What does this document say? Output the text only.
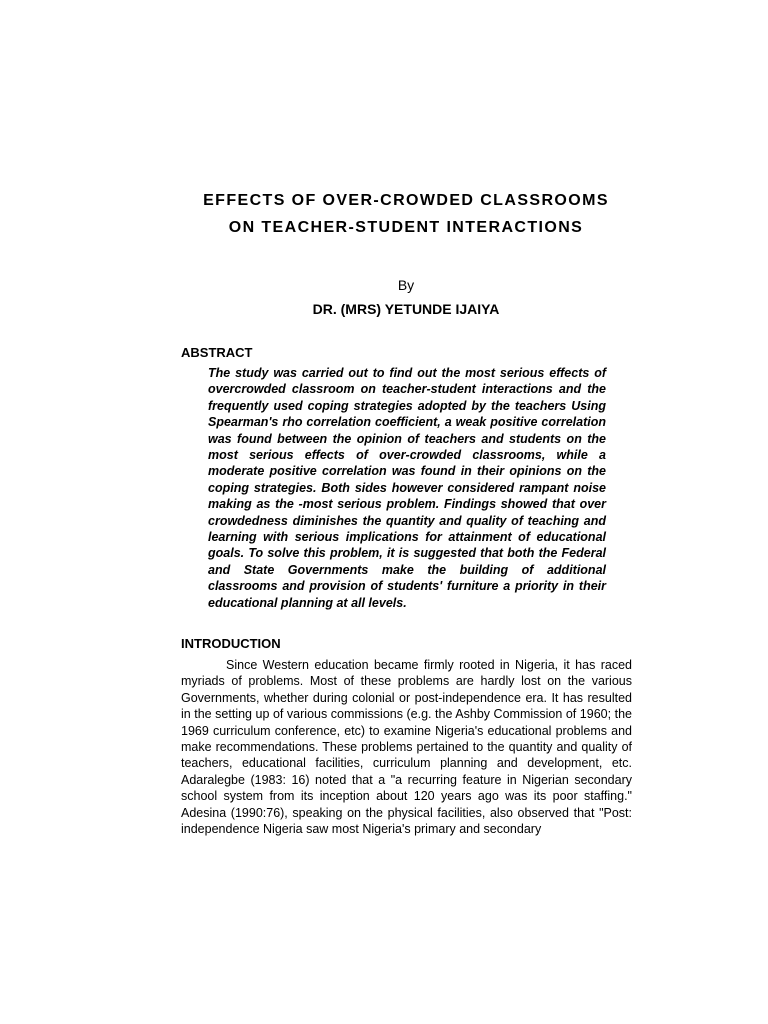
EFFECTS OF OVER-CROWDED CLASSROOMS
ON TEACHER-STUDENT INTERACTIONS
By
DR. (MRS) YETUNDE IJAIYA
ABSTRACT

The study was carried out to find out the most serious effects of overcrowded classroom on teacher-student interactions and the frequently used coping strategies adopted by the teachers Using Spearman's rho correlation coefficient, a weak positive correlation was found between the opinion of teachers and students on the most serious effects of over-crowded classrooms, while a moderate positive correlation was found in their opinions on the coping strategies. Both sides however considered rampant noise making as the -most serious problem. Findings showed that over crowdedness diminishes the quantity and quality of teaching and learning with serious implications for attainment of educational goals. To solve this problem, it is suggested that both the Federal and State Governments make the building of additional classrooms and provision of students' furniture a priority in their educational planning at all levels.

INTRODUCTION

Since Western education became firmly rooted in Nigeria, it has raced myriads of problems. Most of these problems are hardly lost on the various Governments, whether during colonial or post-independence era. It has resulted in the setting up of various commissions (e.g. the Ashby Commission of 1960; the 1969 curriculum conference, etc) to examine Nigeria's educational problems and make recommendations. These problems pertained to the quantity and quality of teachers, educational facilities, curriculum planning and development, etc. Adaralegbe (1983: 16) noted that a "a recurring feature in Nigerian secondary school system from its inception about 120 years ago was its poor staffing." Adesina (1990:76), speaking on the physical facilities, also observed that "Post: independence Nigeria saw most Nigeria's primary and secondary
